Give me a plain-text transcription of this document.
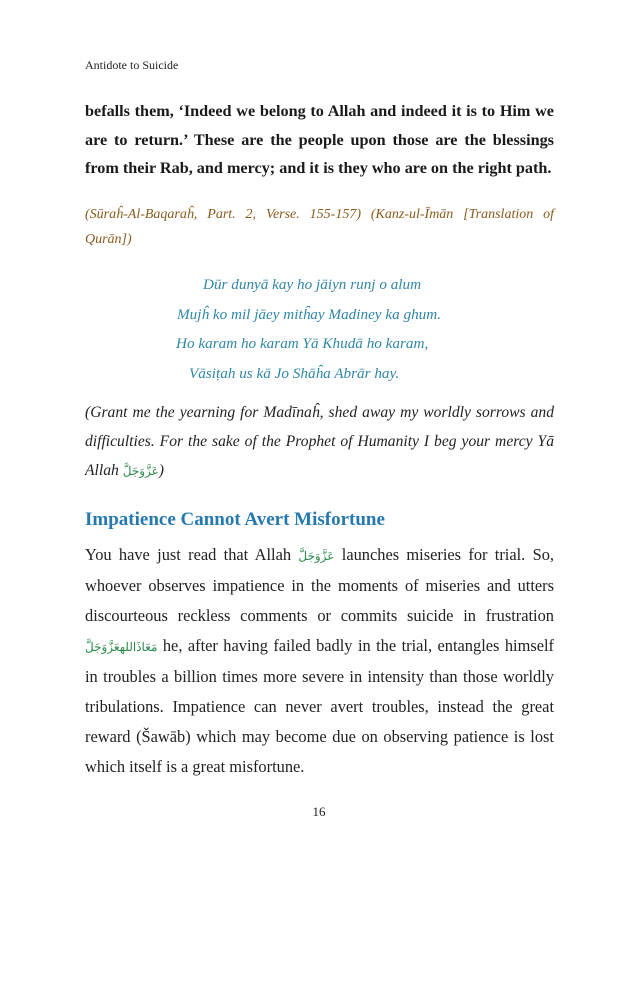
Antidote to Suicide
befalls them, ‘Indeed we belong to Allah and indeed it is to Him we are to return.’ These are the people upon those are the blessings from their Rab, and mercy; and it is they who are on the right path.
(Sūraĥ-Al-Baqaraĥ, Part. 2, Verse. 155-157) (Kanz-ul-Īmān [Translation of Qurān])
Dūr dunyā kay ho jāiyn runj o alum
Mujĥ ko mil jāey mitĥay Madiney ka ghum.
Ho karam ho karam Yā Khudā ho karam,
Vāsiṭah us kā Jo Shāĥa Abrār hay.
(Grant me the yearning for Madīnaĥ, shed away my worldly sorrows and difficulties. For the sake of the Prophet of Humanity I beg your mercy Yā Allah عَزَّوَجَلَّ)
Impatience Cannot Avert Misfortune
You have just read that Allah عَزَّوَجَلَّ launches miseries for trial. So, whoever observes impatience in the moments of miseries and utters discourteous reckless comments or commits suicide in frustration مَعَاذَاللهعَزَّوَجَلَّ he, after having failed badly in the trial, entangles himself in troubles a billion times more severe in intensity than those worldly tribulations. Impatience can never avert troubles, instead the great reward (Šawāb) which may become due on observing patience is lost which itself is a great misfortune.
16
